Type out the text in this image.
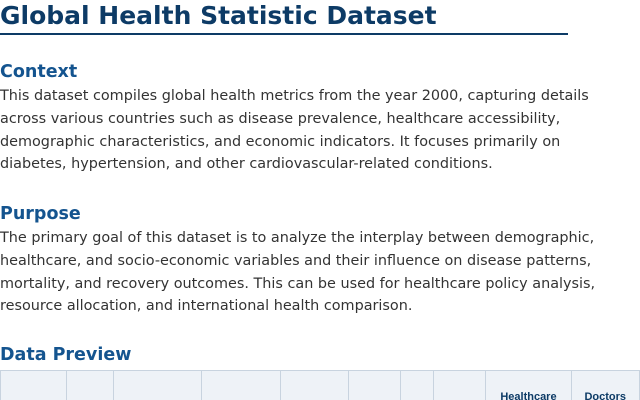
Global Health Statistic Dataset
Context

This dataset compiles global health metrics from the year 2000, capturing details
across various countries such as disease prevalence, healthcare accessibility,
demographic characteristics, and economic indicators. It focuses primarily on
diabetes, hypertension, and other cardiovascular-related conditions.

Purpose

The primary goal of this dataset is to analyze the interplay between demographic,
healthcare, and socio-economic variables and their influence on disease patterns,
mortality, and recovery outcomes. This can be used for healthcare policy analysis,
resource allocation, and international health comparison.

Data Preview
								Healthcare	Doctors
